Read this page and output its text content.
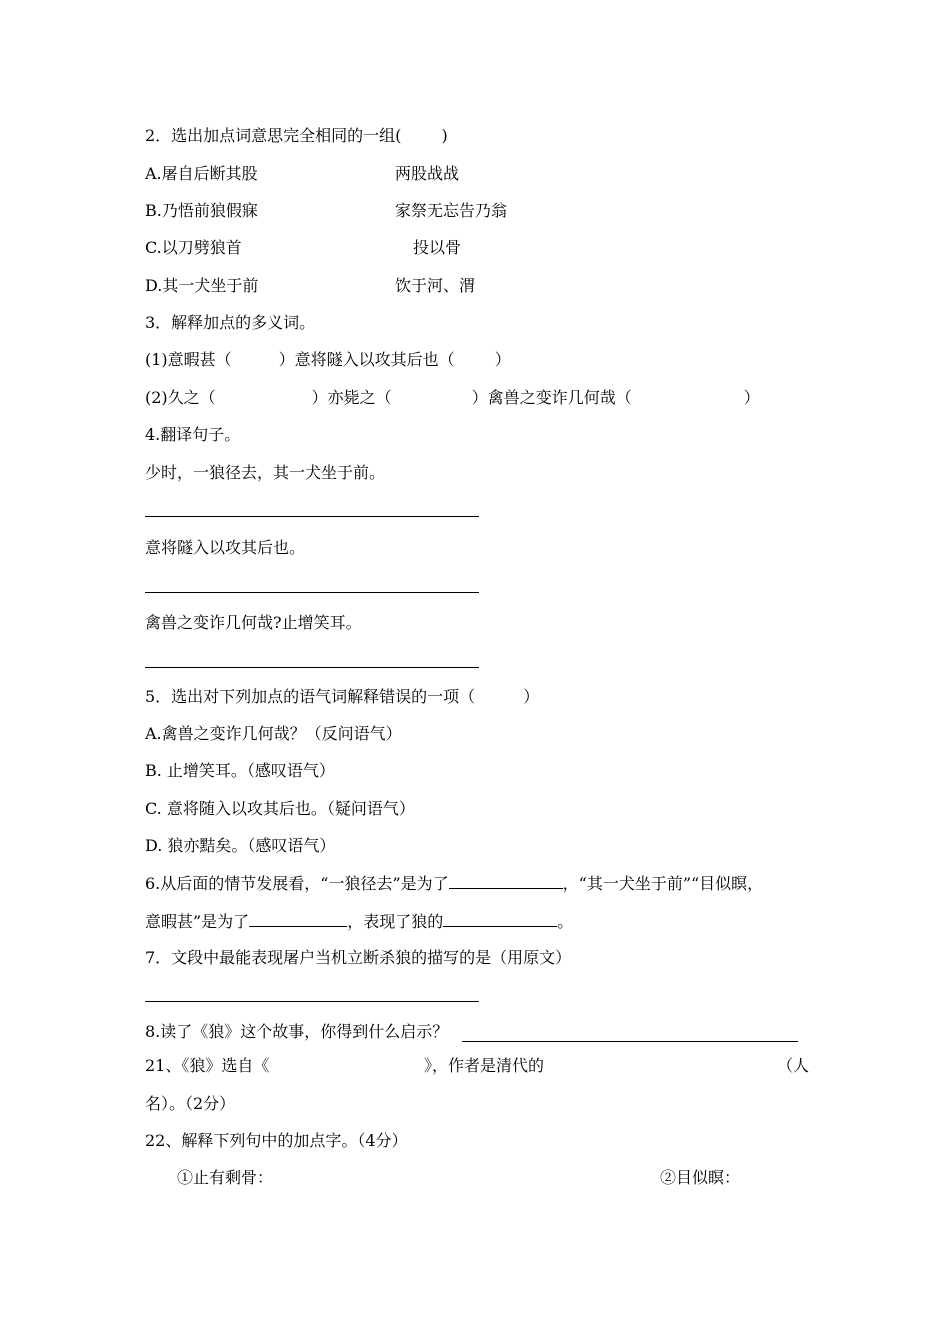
2．选出加点词意思完全相同的一组(	)
A.屠自后断其股	两股战战
B.乃悟前狼假寐	家祭无忘告乃翁
C.以刀劈狼首	投以骨
D.其一犬坐于前	饮于河、渭
3．解释加点的多义词。
(1)意暇甚（	）意将隧入以攻其后也（	）
(2)久之（	）亦毙之（	）禽兽之变诈几何哉（	）
4.翻译句子。
少时，一狼径去，其一犬坐于前。
意将隧入以攻其后也。
禽兽之变诈几何哉?止增笑耳。
5．选出对下列加点的语气词解释错误的一项（	）
A.禽兽之变诈几何哉？（反问语气）
B. 止增笑耳。（感叹语气）
C. 意将随入以攻其后也。（疑问语气）
D. 狼亦黠矣。（感叹语气）
6.从后面的情节发展看，“一狼径去”是为了	，“其一犬坐于前”“目似瞑，
意暇甚”是为了	，表现了狼的	。
7．文段中最能表现屠户当机立断杀狼的描写的是（用原文）
8.读了《狼》这个故事，你得到什么启示？
21、《狼》选自《	》，作者是清代的	（人
名）。（2分）
22、解释下列句中的加点字。（4分）
①止有剩骨：	②目似瞑：
